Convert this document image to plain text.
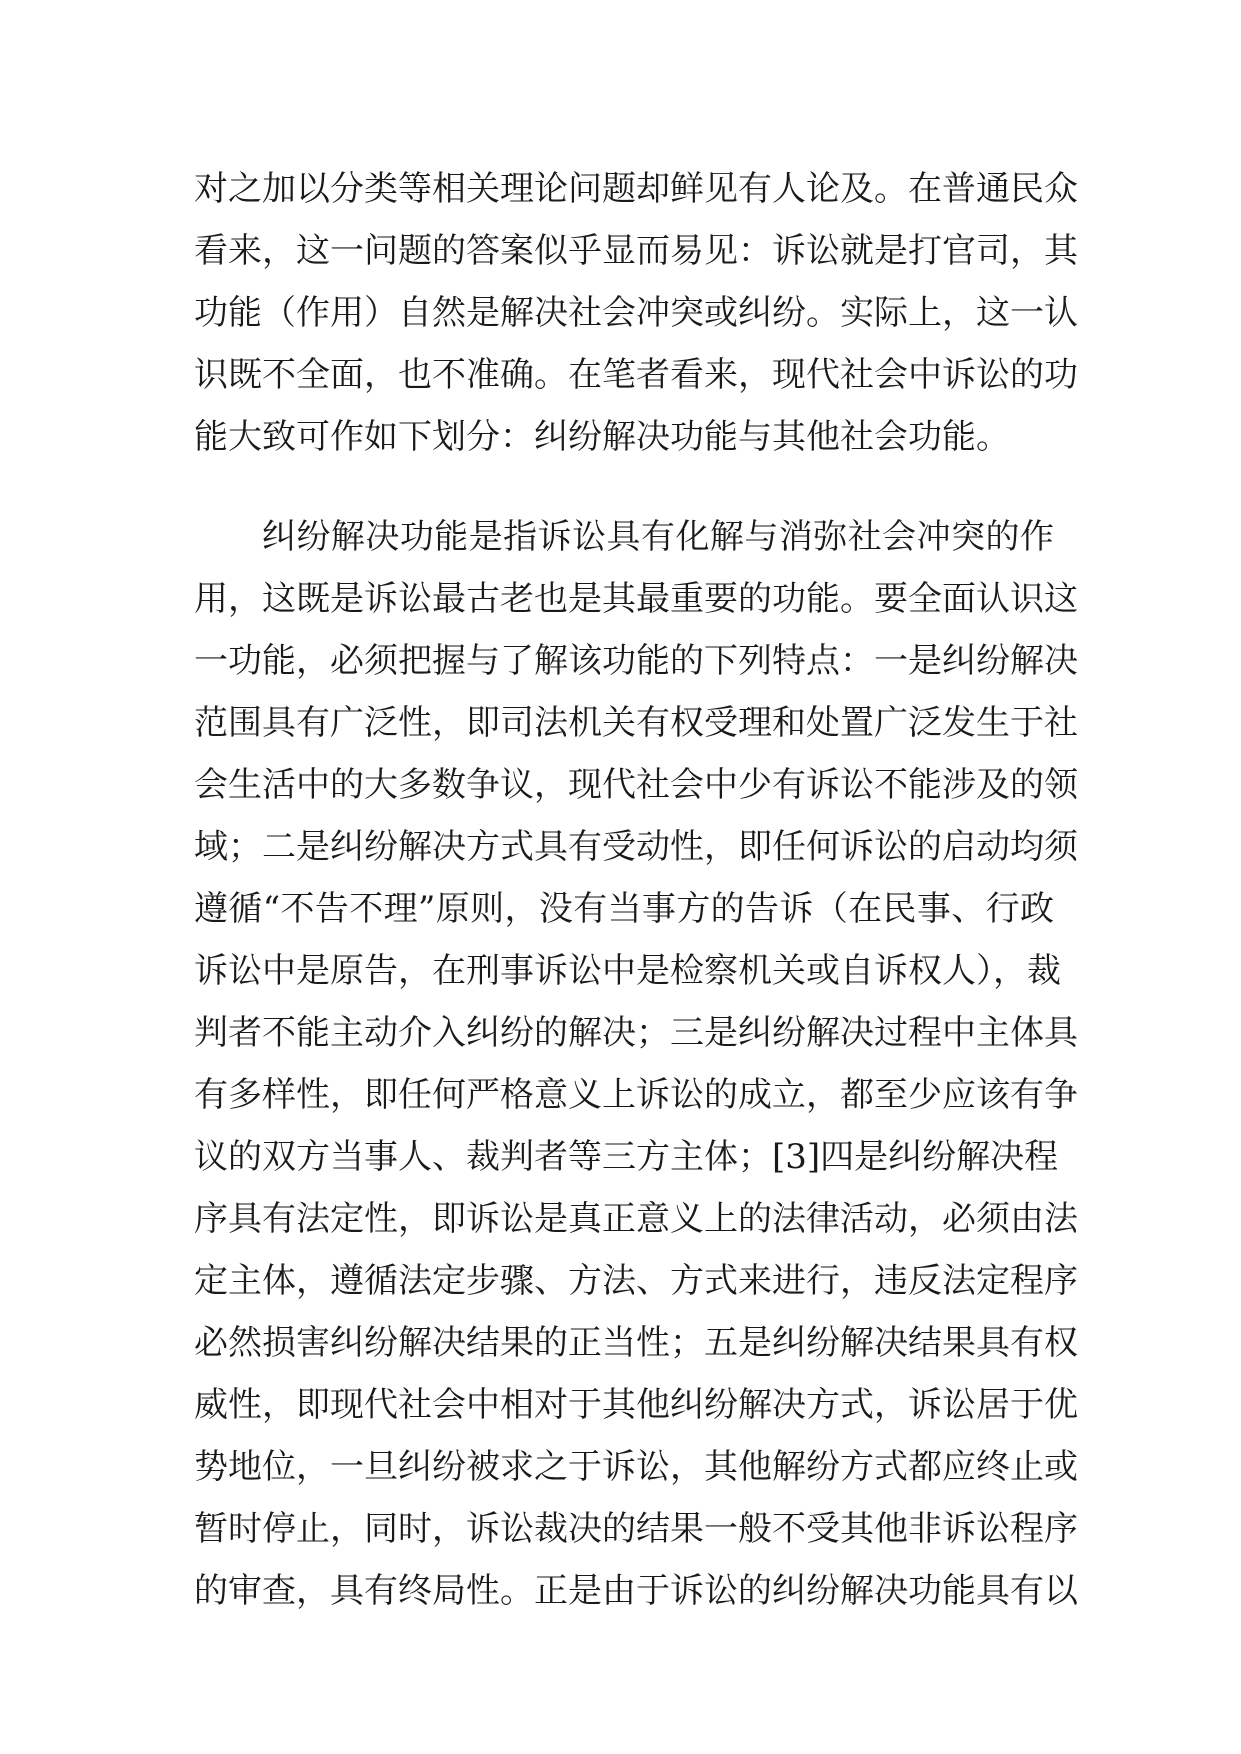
对之加以分类等相关理论问题却鲜见有人论及。在普通民众
看来，这一问题的答案似乎显而易见：诉讼就是打官司，其
功能（作用）自然是解决社会冲突或纠纷。实际上，这一认
识既不全面，也不准确。在笔者看来，现代社会中诉讼的功
能大致可作如下划分：纠纷解决功能与其他社会功能。
纠纷解决功能是指诉讼具有化解与消弥社会冲突的作
用，这既是诉讼最古老也是其最重要的功能。要全面认识这
一功能，必须把握与了解该功能的下列特点：一是纠纷解决
范围具有广泛性，即司法机关有权受理和处置广泛发生于社
会生活中的大多数争议，现代社会中少有诉讼不能涉及的领
域；二是纠纷解决方式具有受动性，即任何诉讼的启动均须
遵循“不告不理”原则，没有当事方的告诉（在民事、行政
诉讼中是原告，在刑事诉讼中是检察机关或自诉权人），裁
判者不能主动介入纠纷的解决；三是纠纷解决过程中主体具
有多样性，即任何严格意义上诉讼的成立，都至少应该有争
议的双方当事人、裁判者等三方主体；[3]四是纠纷解决程
序具有法定性，即诉讼是真正意义上的法律活动，必须由法
定主体，遵循法定步骤、方法、方式来进行，违反法定程序
必然损害纠纷解决结果的正当性；五是纠纷解决结果具有权
威性，即现代社会中相对于其他纠纷解决方式，诉讼居于优
势地位，一旦纠纷被求之于诉讼，其他解纷方式都应终止或
暂时停止，同时，诉讼裁决的结果一般不受其他非诉讼程序
的审查，具有终局性。正是由于诉讼的纠纷解决功能具有以
